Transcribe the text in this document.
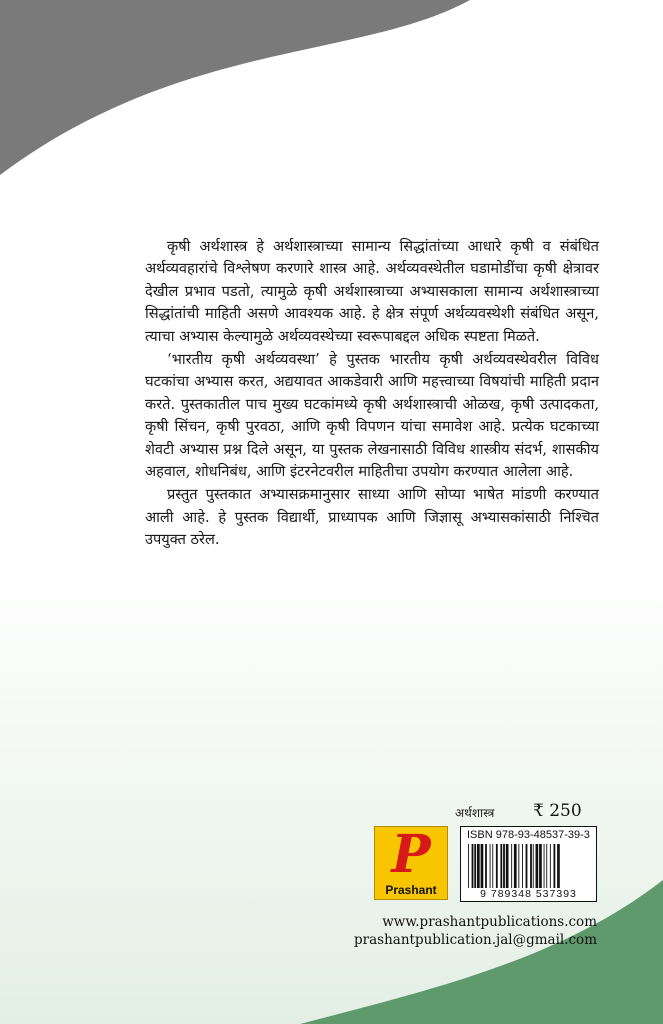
कृषी अर्थशास्त्र हे अर्थशास्त्राच्या सामान्य सिद्धांतांच्या आधारे कृषी व संबंधित अर्थव्यवहारांचे विश्लेषण करणारे शास्त्र आहे. अर्थव्यवस्थेतील घडामोडींचा कृषी क्षेत्रावर देखील प्रभाव पडतो, त्यामुळे कृषी अर्थशास्त्राच्या अभ्यासकाला सामान्य अर्थशास्त्राच्या सिद्धांतांची माहिती असणे आवश्यक आहे. हे क्षेत्र संपूर्ण अर्थव्यवस्थेशी संबंधित असून, त्याचा अभ्यास केल्यामुळे अर्थव्यवस्थेच्या स्वरूपाबद्दल अधिक स्पष्टता मिळते.

‘भारतीय कृषी अर्थव्यवस्था’ हे पुस्तक भारतीय कृषी अर्थव्यवस्थेवरील विविध घटकांचा अभ्यास करत, अद्ययावत आकडेवारी आणि महत्त्वाच्या विषयांची माहिती प्रदान करते. पुस्तकातील पाच मुख्य घटकांमध्ये कृषी अर्थशास्त्राची ओळख, कृषी उत्पादकता, कृषी सिंचन, कृषी पुरवठा, आणि कृषी विपणन यांचा समावेश आहे. प्रत्येक घटकाच्या शेवटी अभ्यास प्रश्न दिले असून, या पुस्तक लेखनासाठी विविध शास्त्रीय संदर्भ, शासकीय अहवाल, शोधनिबंध, आणि इंटरनेटवरील माहितीचा उपयोग करण्यात आलेला आहे.

प्रस्तुत पुस्तकात अभ्यासक्रमानुसार साध्या आणि सोप्या भाषेत मांडणी करण्यात आली आहे. हे पुस्तक विद्यार्थी, प्राध्यापक आणि जिज्ञासू अभ्यासकांसाठी निश्चित उपयुक्त ठरेल.

अर्थशास्त्र ₹ 250
P
Prashant
ISBN 978-93-48537-39-3
9 789348 537393
www.prashantpublications.com
prashantpublication.jal@gmail.com
